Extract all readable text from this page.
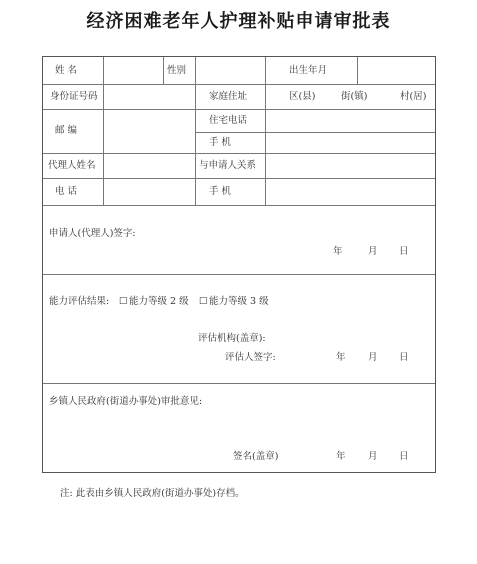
经济困难老年人护理补贴申请审批表
姓 名	性别	出生年月
身份证号码	家庭住址	区(县)	街(镇)	村(居)
邮 编
住宅电话
手 机
代理人姓名	与申请人关系
电 话	手 机
申请人(代理人)签字:
年	月 日
能力评估结果: ☐ 能力等级 2 级 ☐ 能力等级 3 级
评估机构(盖章):
评估人签字:	年 月 日
乡镇人民政府(街道办事处)审批意见:
签名(盖章)	年 月 日
注: 此表由乡镇人民政府(街道办事处)存档。
